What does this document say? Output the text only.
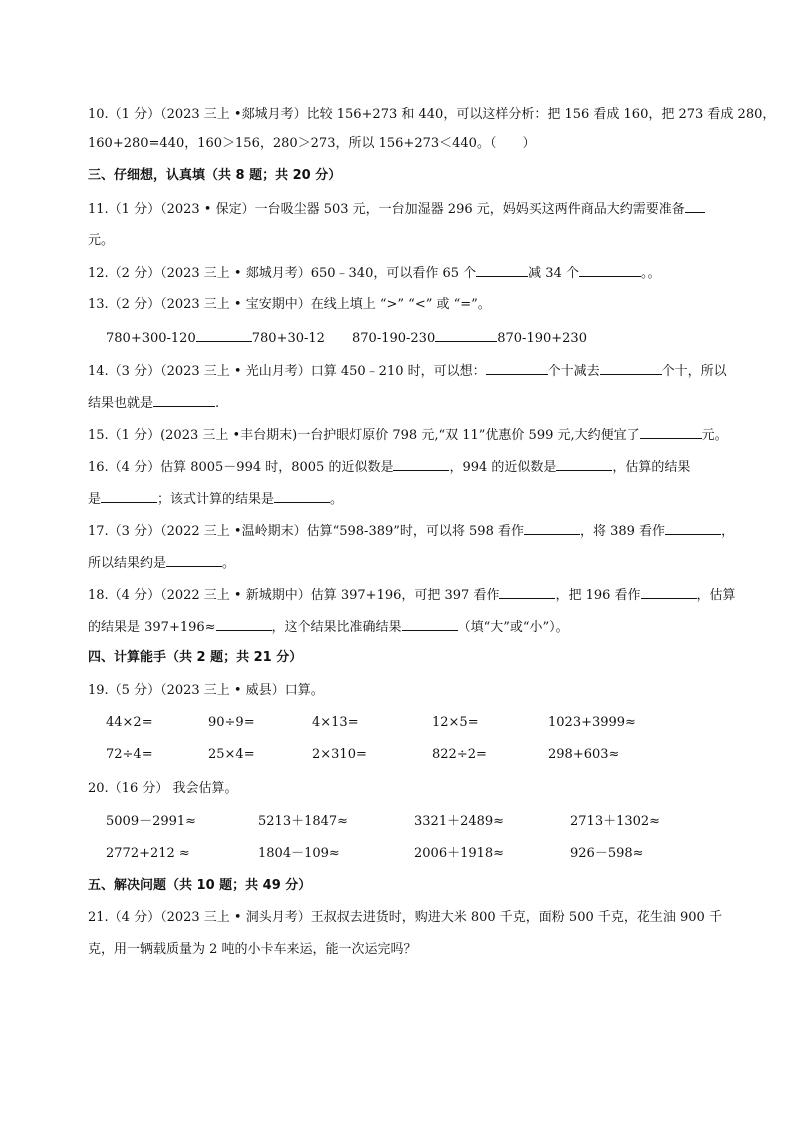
10.（1 分）（2023 三上 •郯城月考）比较 156+273 和 440，可以这样分析：把 156 看成 160，把 273 看成 280，
160+280=440，160＞156，280＞273，所以 156+273＜440。（　　）
三、仔细想，认真填（共 8 题；共 20 分）
11.（1 分）（2023 • 保定）一台吸尘器 503 元，一台加湿器 296 元，妈妈买这两件商品大约需要准备
元。
12.（2 分）（2023 三上 • 郯城月考）650﹣340，可以看作 65 个	减 34 个	。。
13.（2 分）（2023 三上 • 宝安期中）在线上填上 “>” “<” 或 “=”。
780+300-120	780+30-12 870-190-230	870-190+230
14.（3 分）（2023 三上 • 光山月考）口算 450﹣210 时，可以想：	个十减去	个十，所以
结果也就是	.
15.（1 分）(2023 三上 •丰台期末)一台护眼灯原价 798 元,“双 11”优惠价 599 元,大约便宜了	元。
16.（4 分）估算 8005－994 时，8005 的近似数是	，994 的近似数是	，估算的结果
是	；该式计算的结果是	。
17.（3 分）（2022 三上 •温岭期末）估算“598-389”时，可以将 598 看作	，将 389 看作	，
所以结果约是	。
18.（4 分）（2022 三上 • 新城期中）估算 397+196，可把 397 看作	，把 196 看作	，估算
的结果是 397+196≈	，这个结果比准确结果	（填“大”或“小”）。
四、计算能手（共 2 题；共 21 分）
19.（5 分）（2023 三上 • 威县）口算。
44×2=	90÷9=	4×13=	12×5=	1023+3999≈
72÷4=	25×4=	2×310=	822÷2=	298+603≈
20.（16 分） 我会估算。
5009－2991≈	5213＋1847≈	3321＋2489≈	2713＋1302≈
2772+212 ≈	1804－109≈	2006＋1918≈	926－598≈
五、解决问题（共 10 题；共 49 分）
21.（4 分）（2023 三上 • 洞头月考）王叔叔去进货时，购进大米 800 千克，面粉 500 千克，花生油 900 千
克，用一辆载质量为 2 吨的小卡车来运，能一次运完吗？
